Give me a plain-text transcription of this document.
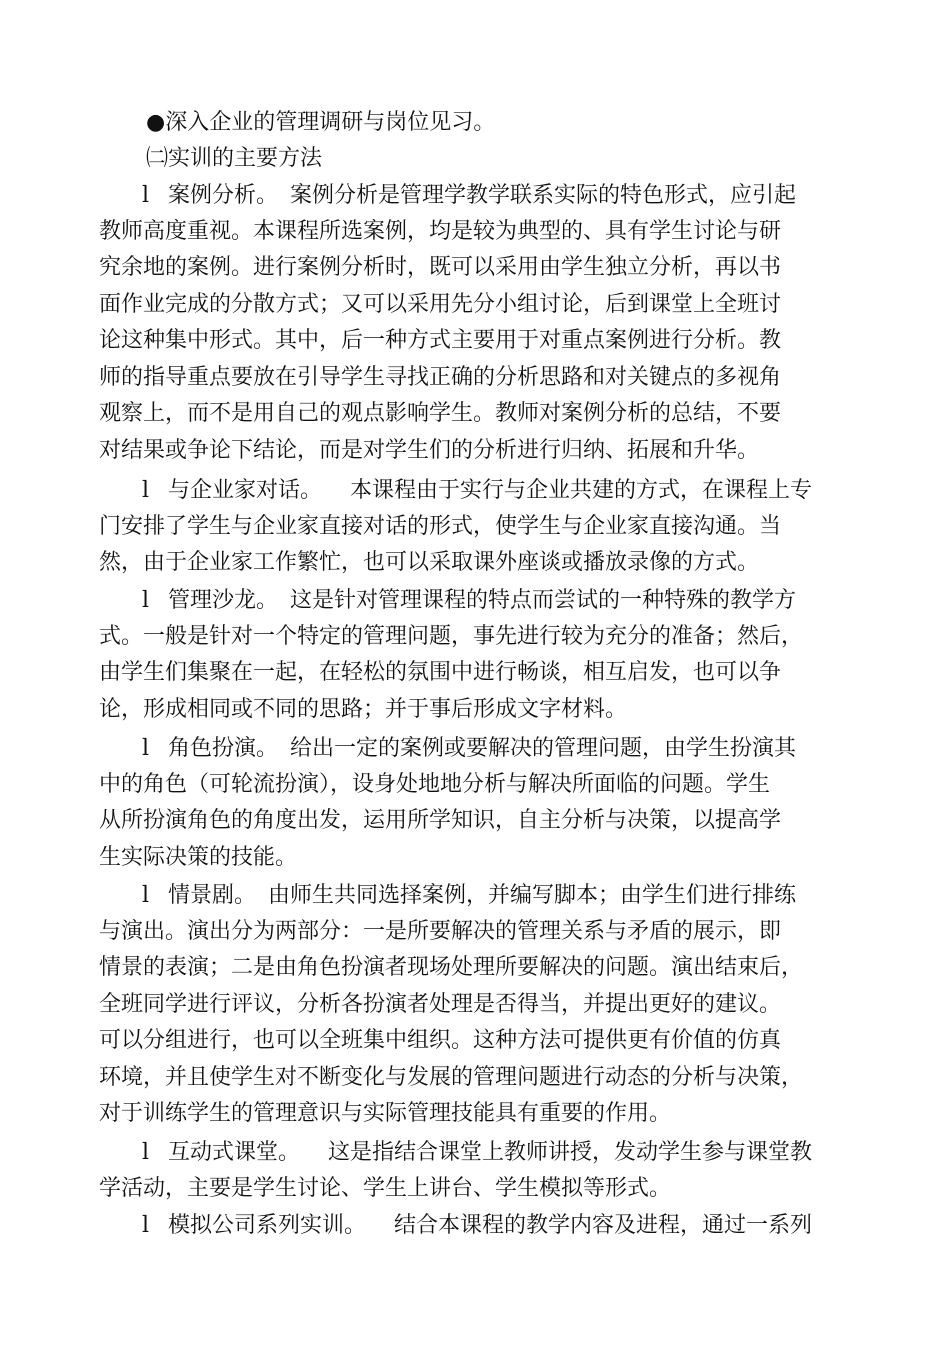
●深入企业的管理调研与岗位见习。
㈡实训的主要方法
l 案例分析。 案例分析是管理学教学联系实际的特色形式，应引起
教师高度重视。本课程所选案例，均是较为典型的、具有学生讨论与研
究余地的案例。进行案例分析时，既可以采用由学生独立分析，再以书
面作业完成的分散方式；又可以采用先分小组讨论，后到课堂上全班讨
论这种集中形式。其中，后一种方式主要用于对重点案例进行分析。教
师的指导重点要放在引导学生寻找正确的分析思路和对关键点的多视角
观察上，而不是用自己的观点影响学生。教师对案例分析的总结，不要
对结果或争论下结论，而是对学生们的分析进行归纳、拓展和升华。
l 与企业家对话。 本课程由于实行与企业共建的方式，在课程上专
门安排了学生与企业家直接对话的形式，使学生与企业家直接沟通。当
然，由于企业家工作繁忙，也可以采取课外座谈或播放录像的方式。
l 管理沙龙。 这是针对管理课程的特点而尝试的一种特殊的教学方
式。一般是针对一个特定的管理问题，事先进行较为充分的准备；然后，
由学生们集聚在一起，在轻松的氛围中进行畅谈，相互启发，也可以争
论，形成相同或不同的思路；并于事后形成文字材料。
l 角色扮演。 给出一定的案例或要解决的管理问题，由学生扮演其
中的角色（可轮流扮演），设身处地地分析与解决所面临的问题。学生
从所扮演角色的角度出发，运用所学知识，自主分析与决策，以提高学
生实际决策的技能。
l 情景剧。 由师生共同选择案例，并编写脚本；由学生们进行排练
与演出。演出分为两部分：一是所要解决的管理关系与矛盾的展示，即
情景的表演；二是由角色扮演者现场处理所要解决的问题。演出结束后，
全班同学进行评议，分析各扮演者处理是否得当，并提出更好的建议。
可以分组进行，也可以全班集中组织。这种方法可提供更有价值的仿真
环境，并且使学生对不断变化与发展的管理问题进行动态的分析与决策，
对于训练学生的管理意识与实际管理技能具有重要的作用。
l 互动式课堂。 这是指结合课堂上教师讲授，发动学生参与课堂教
学活动，主要是学生讨论、学生上讲台、学生模拟等形式。
l 模拟公司系列实训。 结合本课程的教学内容及进程，通过一系列
